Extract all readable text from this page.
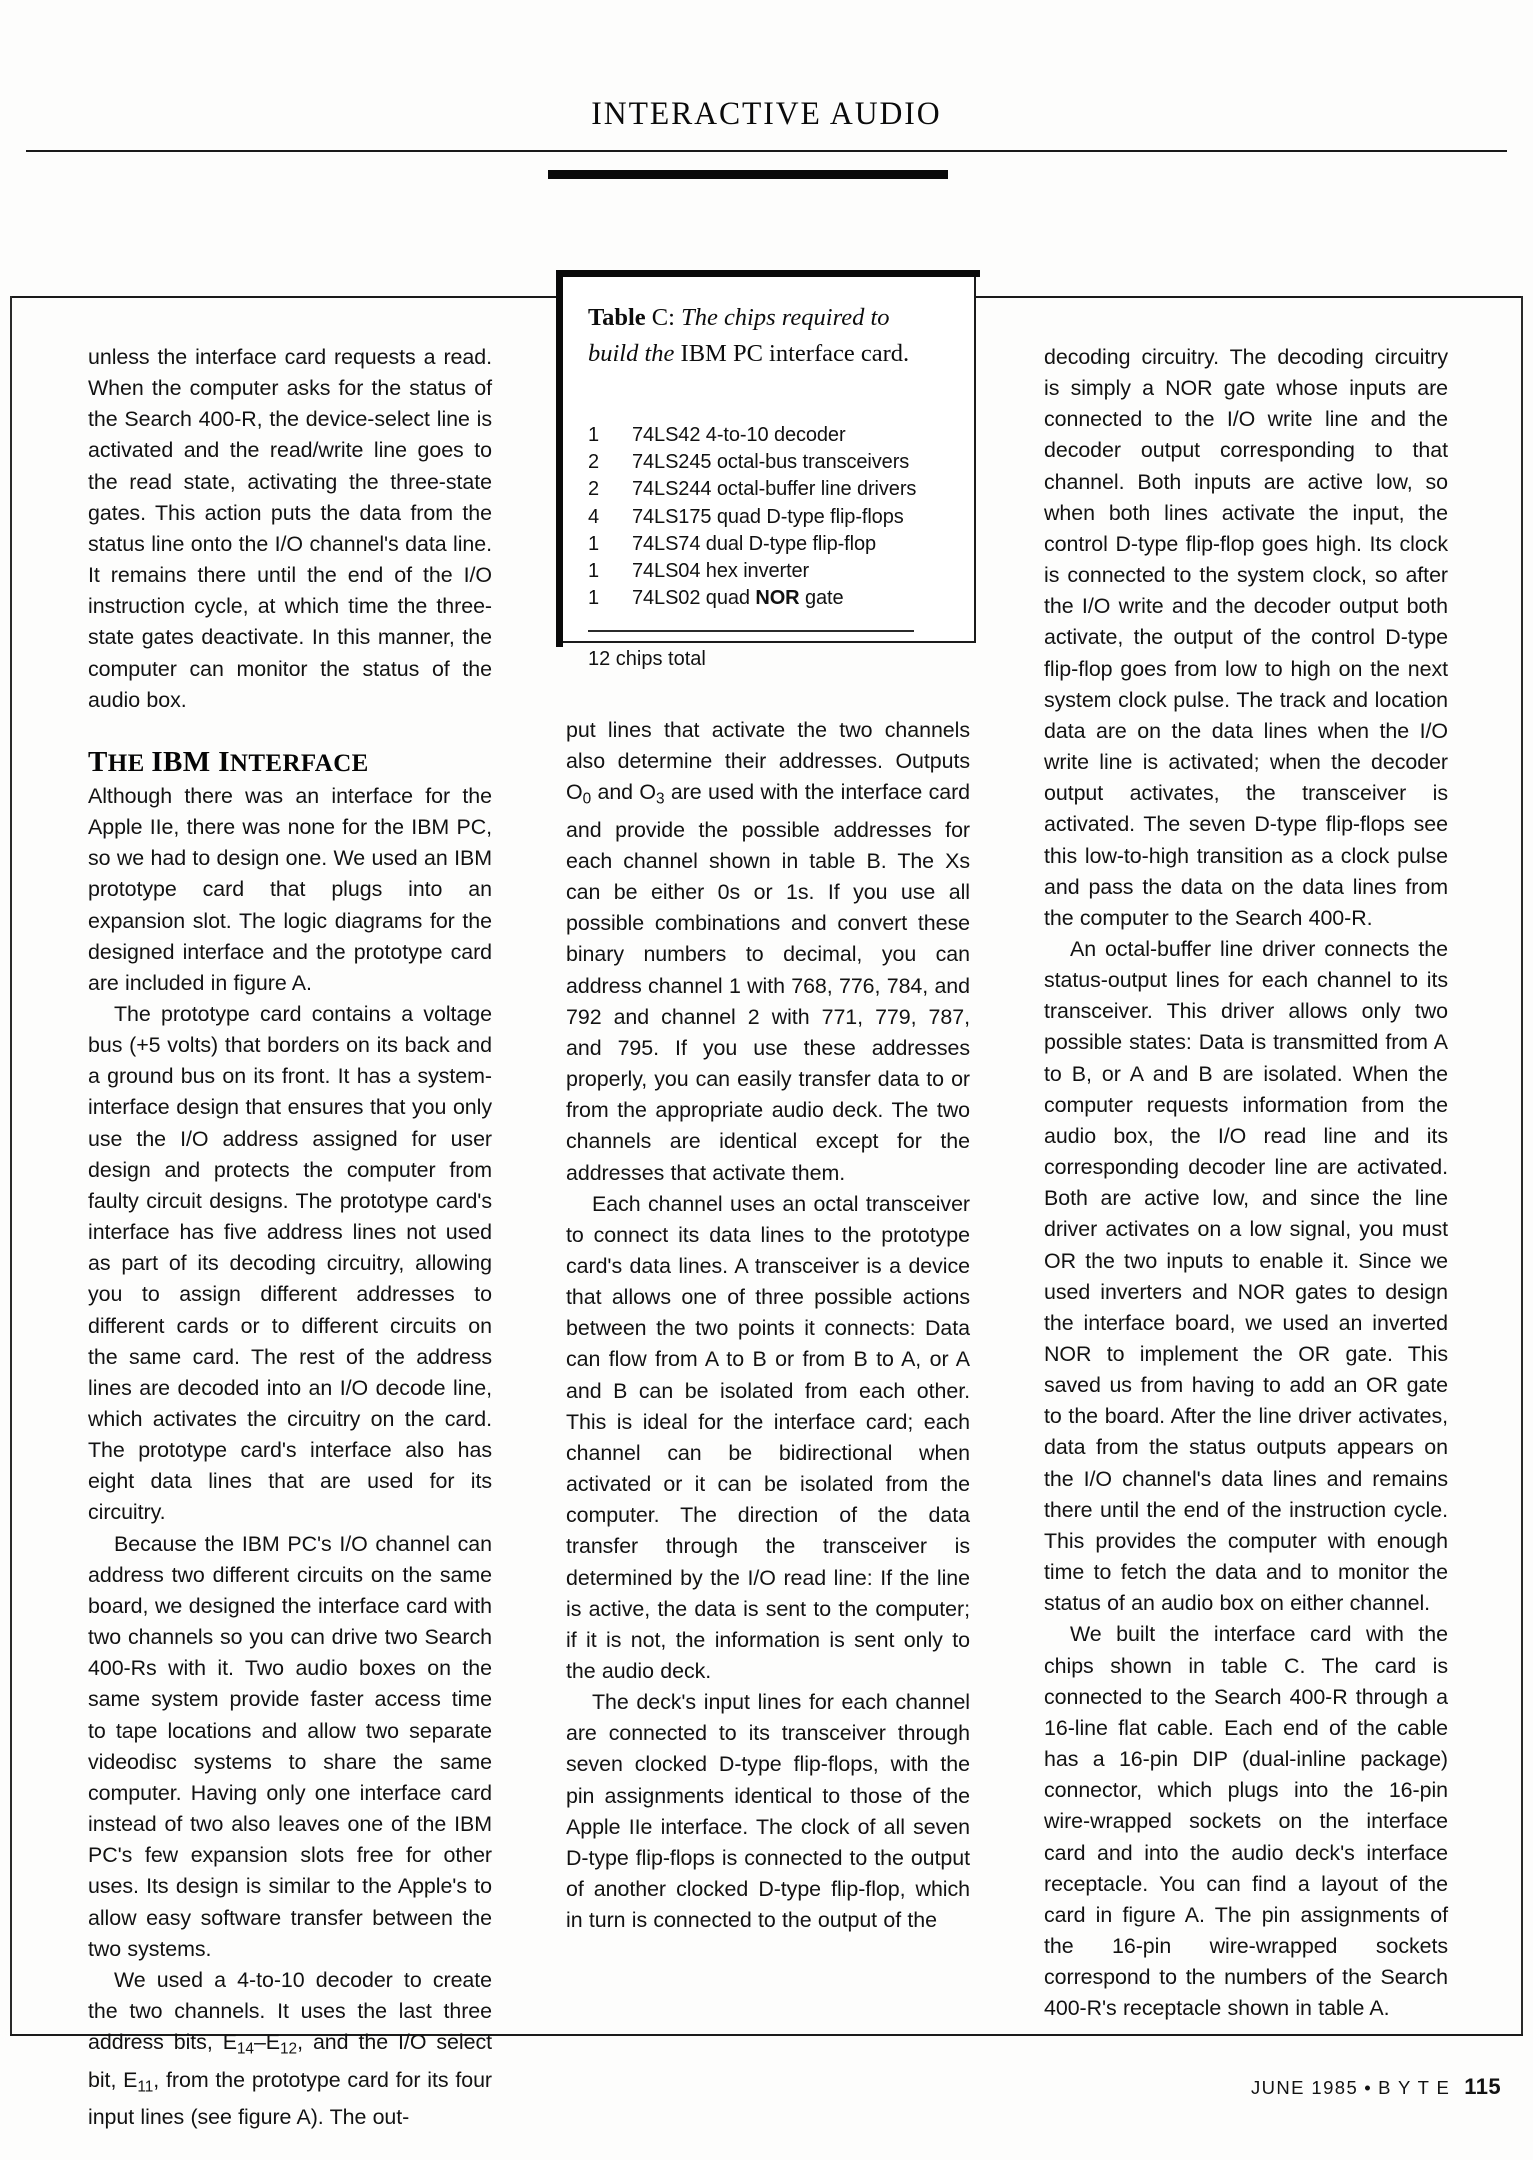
INTERACTIVE AUDIO

unless the interface card requests a read. When the computer asks for the status of the Search 400-R, the device-select line is activated and the read/write line goes to the read state, activating the three-state gates. This action puts the data from the status line onto the I/O channel's data line. It remains there until the end of the I/O instruction cycle, at which time the three-state gates deactivate. In this manner, the computer can monitor the status of the audio box.

THE IBM INTERFACE

Although there was an interface for the Apple IIe, there was none for the IBM PC, so we had to design one. We used an IBM prototype card that plugs into an expansion slot. The logic diagrams for the designed interface and the prototype card are included in figure A.

The prototype card contains a voltage bus (+5 volts) that borders on its back and a ground bus on its front. It has a system-interface design that ensures that you only use the I/O address assigned for user design and protects the computer from faulty circuit designs. The prototype card's interface has five address lines not used as part of its decoding circuitry, allowing you to assign different addresses to different cards or to different circuits on the same card. The rest of the address lines are decoded into an I/O decode line, which activates the circuitry on the card. The prototype card's interface also has eight data lines that are used for its circuitry.

Because the IBM PC's I/O channel can address two different circuits on the same board, we designed the interface card with two channels so you can drive two Search 400-Rs with it. Two audio boxes on the same system provide faster access time to tape locations and allow two separate videodisc systems to share the same computer. Having only one interface card instead of two also leaves one of the IBM PC's few expansion slots free for other uses. Its design is similar to the Apple's to allow easy software transfer between the two systems.

We used a 4-to-10 decoder to create the two channels. It uses the last three address bits, $E_{14}-E_{12}$, and the I/O select bit, $E_{11}$, from the prototype card for its four input lines (see figure A). The out-

Table C: The chips required to
build the IBM PC interface card.
1	74LS42 4-to-10 decoder
2	74LS245 octal-bus transceivers
2	74LS244 octal-buffer line drivers
4	74LS175 quad D-type flip-flops
1	74LS74 dual D-type flip-flop
1	74LS04 hex inverter
1	74LS02 quad NOR gate
12 chips total

put lines that activate the two channels also determine their addresses. Outputs $O_0$ and $O_3$ are used with the interface card and provide the possible addresses for each channel shown in table B. The Xs can be either 0s or 1s. If you use all possible combinations and convert these binary numbers to decimal, you can address channel 1 with 768, 776, 784, and 792 and channel 2 with 771, 779, 787, and 795. If you use these addresses properly, you can easily transfer data to or from the appropriate audio deck. The two channels are identical except for the addresses that activate them.

Each channel uses an octal transceiver to connect its data lines to the prototype card's data lines. A transceiver is a device that allows one of three possible actions between the two points it connects: Data can flow from A to B or from B to A, or A and B can be isolated from each other. This is ideal for the interface card; each channel can be bidirectional when activated or it can be isolated from the computer. The direction of the data transfer through the transceiver is determined by the I/O read line: If the line is active, the data is sent to the computer; if it is not, the information is sent only to the audio deck.

The deck's input lines for each channel are connected to its transceiver through seven clocked D-type flip-flops, with the pin assignments identical to those of the Apple IIe interface. The clock of all seven D-type flip-flops is connected to the output of another clocked D-type flip-flop, which in turn is connected to the output of the

decoding circuitry. The decoding circuitry is simply a NOR gate whose inputs are connected to the I/O write line and the decoder output corresponding to that channel. Both inputs are active low, so when both lines activate the input, the control D-type flip-flop goes high. Its clock is connected to the system clock, so after the I/O write and the decoder output both activate, the output of the control D-type flip-flop goes from low to high on the next system clock pulse. The track and location data are on the data lines when the I/O write line is activated; when the decoder output activates, the transceiver is activated. The seven D-type flip-flops see this low-to-high transition as a clock pulse and pass the data on the data lines from the computer to the Search 400-R.

An octal-buffer line driver connects the status-output lines for each channel to its transceiver. This driver allows only two possible states: Data is transmitted from A to B, or A and B are isolated. When the computer requests information from the audio box, the I/O read line and its corresponding decoder line are activated. Both are active low, and since the line driver activates on a low signal, you must OR the two inputs to enable it. Since we used inverters and NOR gates to design the interface board, we used an inverted NOR to implement the OR gate. This saved us from having to add an OR gate to the board. After the line driver activates, data from the status outputs appears on the I/O channel's data lines and remains there until the end of the instruction cycle. This provides the computer with enough time to fetch the data and to monitor the status of an audio box on either channel.

We built the interface card with the chips shown in table C. The card is connected to the Search 400-R through a 16-line flat cable. Each end of the cable has a 16-pin DIP (dual-inline package) connector, which plugs into the 16-pin wire-wrapped sockets on the interface card and into the audio deck's interface receptacle. You can find a layout of the card in figure A. The pin assignments of the 16-pin wire-wrapped sockets correspond to the numbers of the Search 400-R's receptacle shown in table A.

JUNE 1985 • B Y T E 115
